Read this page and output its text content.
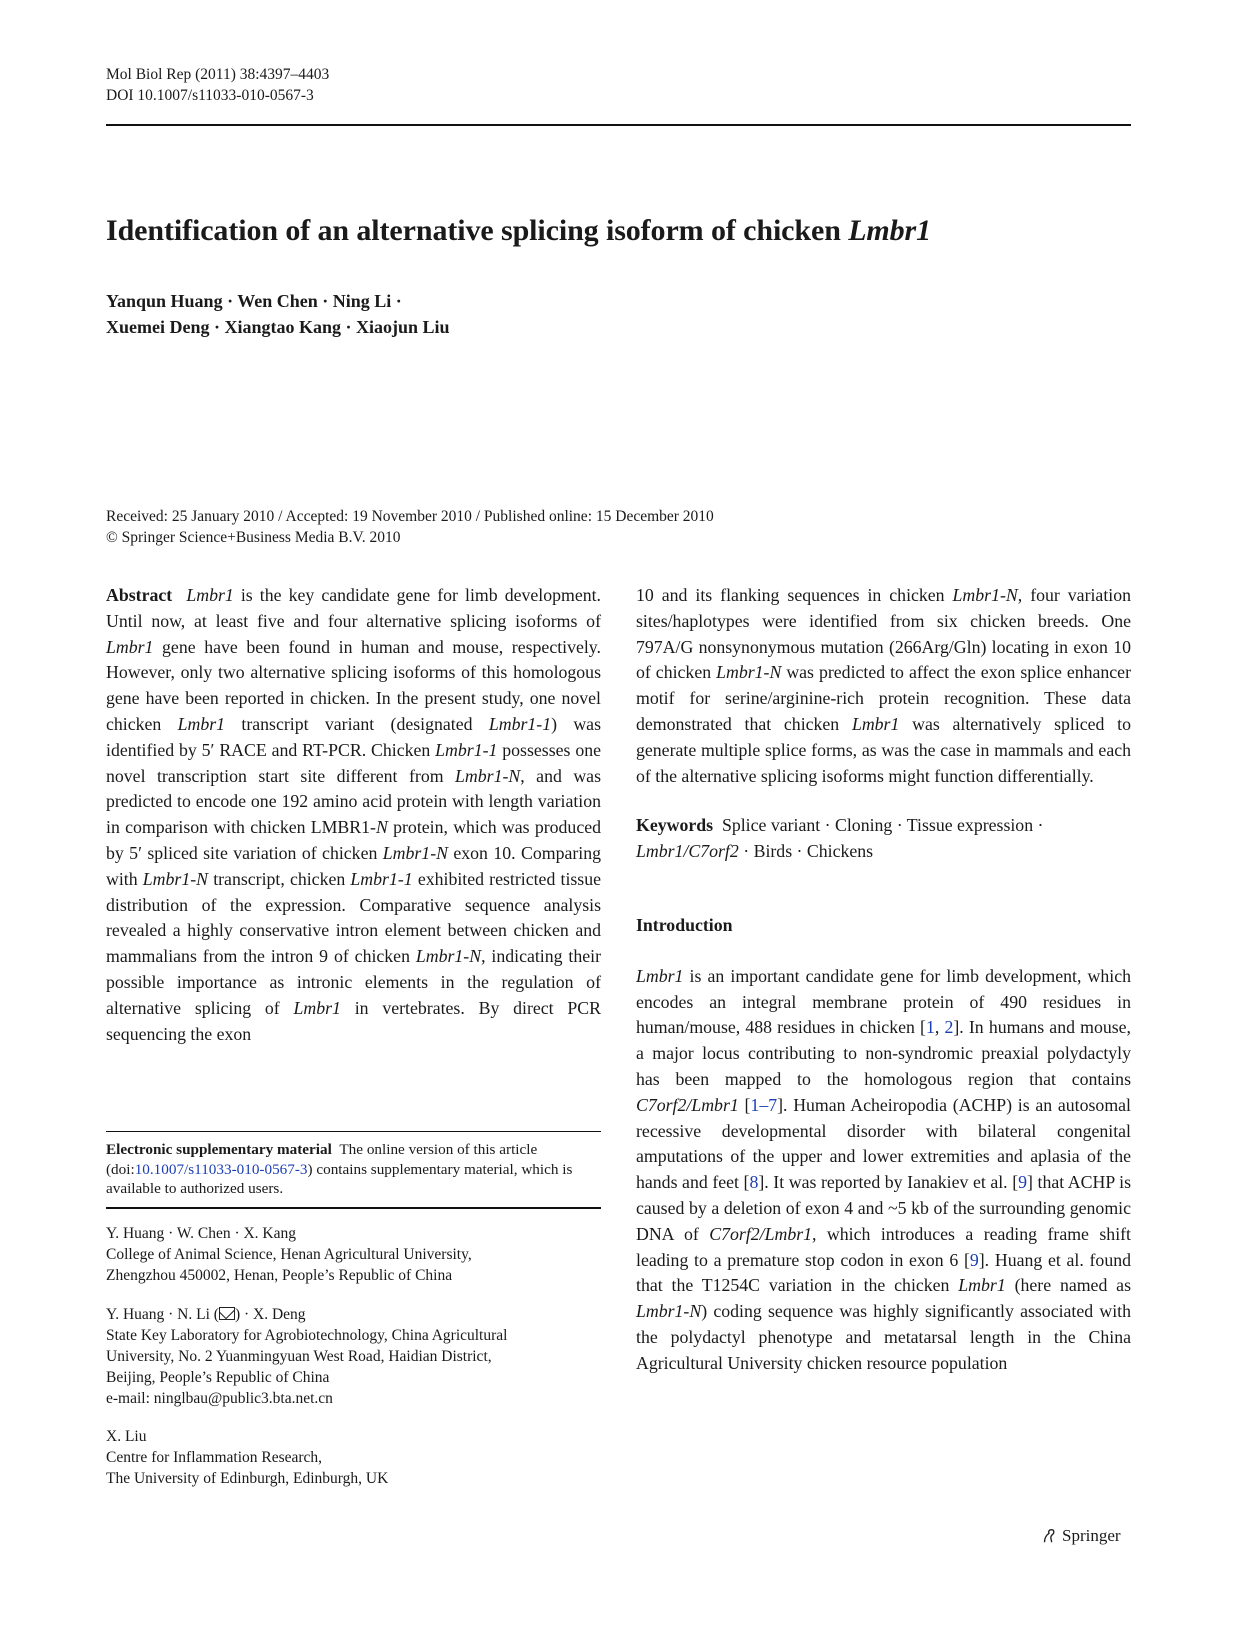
Mol Biol Rep (2011) 38:4397–4403
DOI 10.1007/s11033-010-0567-3
Identification of an alternative splicing isoform of chicken Lmbr1
Yanqun Huang · Wen Chen · Ning Li ·
Xuemei Deng · Xiangtao Kang · Xiaojun Liu
Received: 25 January 2010 / Accepted: 19 November 2010 / Published online: 15 December 2010
© Springer Science+Business Media B.V. 2010

Abstract Lmbr1 is the key candidate gene for limb development. Until now, at least five and four alternative splicing isoforms of Lmbr1 gene have been found in human and mouse, respectively. However, only two alternative splicing isoforms of this homologous gene have been reported in chicken. In the present study, one novel chicken Lmbr1 transcript variant (designated Lmbr1-1) was identified by 5′ RACE and RT-PCR. Chicken Lmbr1-1 possesses one novel transcription start site different from Lmbr1-N, and was predicted to encode one 192 amino acid protein with length variation in comparison with chicken LMBR1-N protein, which was produced by 5′ spliced site variation of chicken Lmbr1-N exon 10. Comparing with Lmbr1-N transcript, chicken Lmbr1-1 exhibited restricted tissue distribution of the expression. Comparative sequence analysis revealed a highly conservative intron element between chicken and mammalians from the intron 9 of chicken Lmbr1-N, indicating their possible importance as intronic elements in the regulation of alternative splicing of Lmbr1 in vertebrates. By direct PCR sequencing the exon

Electronic supplementary material The online version of this article (doi:10.1007/s11033-010-0567-3) contains supplementary material, which is available to authorized users.
Y. Huang · W. Chen · X. Kang
College of Animal Science, Henan Agricultural University,
Zhengzhou 450002, Henan, People’s Republic of China
Y. Huang · N. Li ( ) · X. Deng
State Key Laboratory for Agrobiotechnology, China Agricultural
University, No. 2 Yuanmingyuan West Road, Haidian District,
Beijing, People’s Republic of China
e-mail: ninglbau@public3.bta.net.cn
X. Liu
Centre for Inflammation Research,
The University of Edinburgh, Edinburgh, UK

10 and its flanking sequences in chicken Lmbr1-N, four variation sites/haplotypes were identified from six chicken breeds. One 797A/G nonsynonymous mutation (266Arg/Gln) locating in exon 10 of chicken Lmbr1-N was predicted to affect the exon splice enhancer motif for serine/arginine-rich protein recognition. These data demonstrated that chicken Lmbr1 was alternatively spliced to generate multiple splice forms, as was the case in mammals and each of the alternative splicing isoforms might function differentially.

Keywords Splice variant · Cloning · Tissue expression ·
Lmbr1/C7orf2 · Birds · Chickens

Introduction

Lmbr1 is an important candidate gene for limb development, which encodes an integral membrane protein of 490 residues in human/mouse, 488 residues in chicken [1, 2]. In humans and mouse, a major locus contributing to non-syndromic preaxial polydactyly has been mapped to the homologous region that contains C7orf2/Lmbr1 [1–7]. Human Acheiropodia (ACHP) is an autosomal recessive developmental disorder with bilateral congenital amputations of the upper and lower extremities and aplasia of the hands and feet [8]. It was reported by Ianakiev et al. [9] that ACHP is caused by a deletion of exon 4 and ~5 kb of the surrounding genomic DNA of C7orf2/Lmbr1, which introduces a reading frame shift leading to a premature stop codon in exon 6 [9]. Huang et al. found that the T1254C variation in the chicken Lmbr1 (here named as Lmbr1-N) coding sequence was highly significantly associated with the polydactyl phenotype and metatarsal length in the China Agricultural University chicken resource population

Springer
